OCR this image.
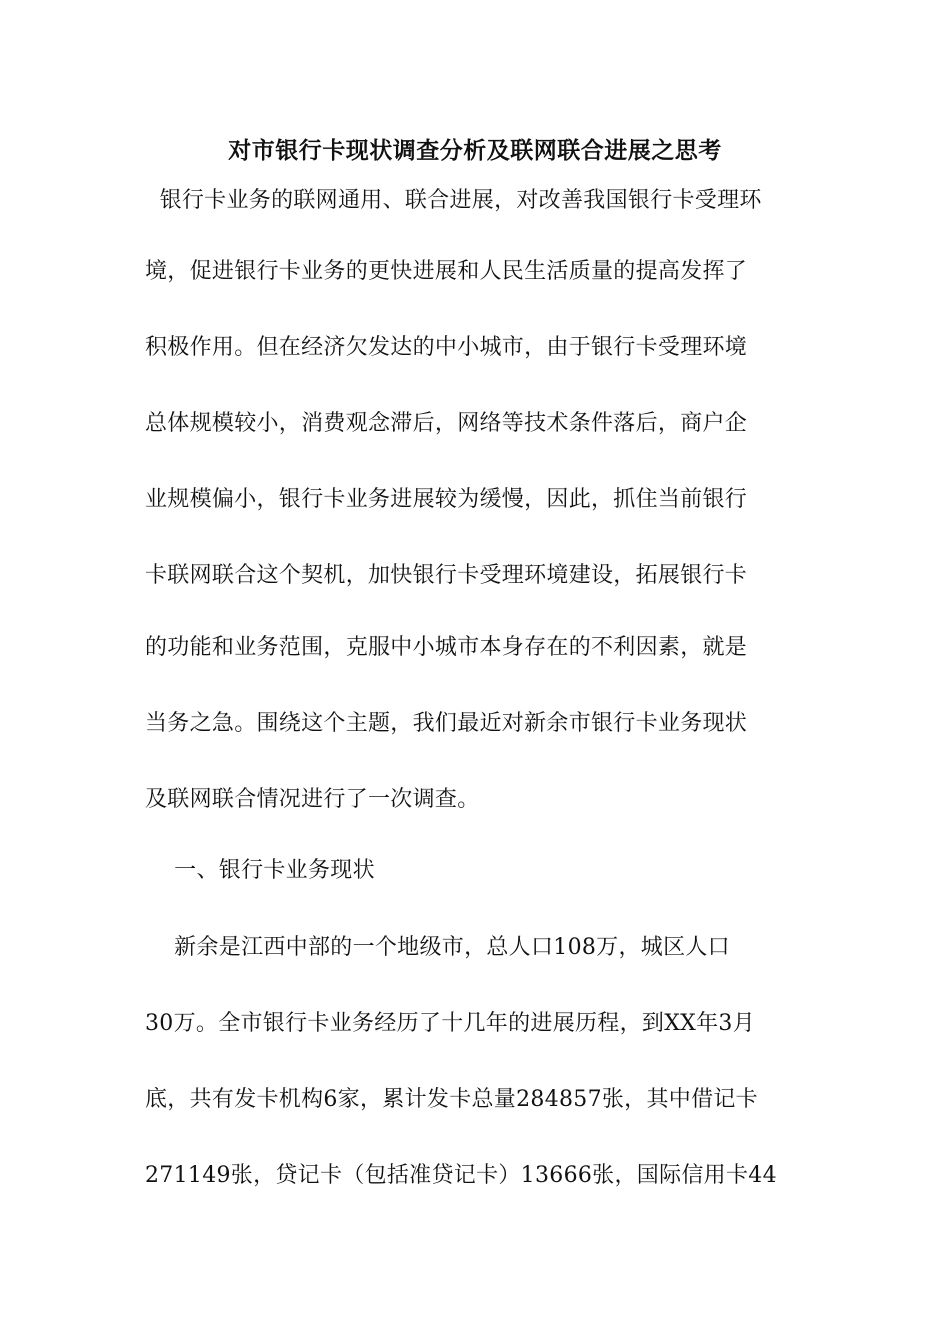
对市银行卡现状调查分析及联网联合进展之思考
银行卡业务的联网通用、联合进展，对改善我国银行卡受理环
境，促进银行卡业务的更快进展和人民生活质量的提高发挥了
积极作用。但在经济欠发达的中小城市，由于银行卡受理环境
总体规模较小，消费观念滞后，网络等技术条件落后，商户企
业规模偏小，银行卡业务进展较为缓慢，因此，抓住当前银行
卡联网联合这个契机，加快银行卡受理环境建设，拓展银行卡
的功能和业务范围，克服中小城市本身存在的不利因素，就是
当务之急。围绕这个主题，我们最近对新余市银行卡业务现状
及联网联合情况进行了一次调查。
一、银行卡业务现状
新余是江西中部的一个地级市，总人口108万，城区人口
30万。全市银行卡业务经历了十几年的进展历程，到XX年3月
底，共有发卡机构6家，累计发卡总量284857张，其中借记卡
271149张，贷记卡（包括准贷记卡）13666张，国际信用卡44
